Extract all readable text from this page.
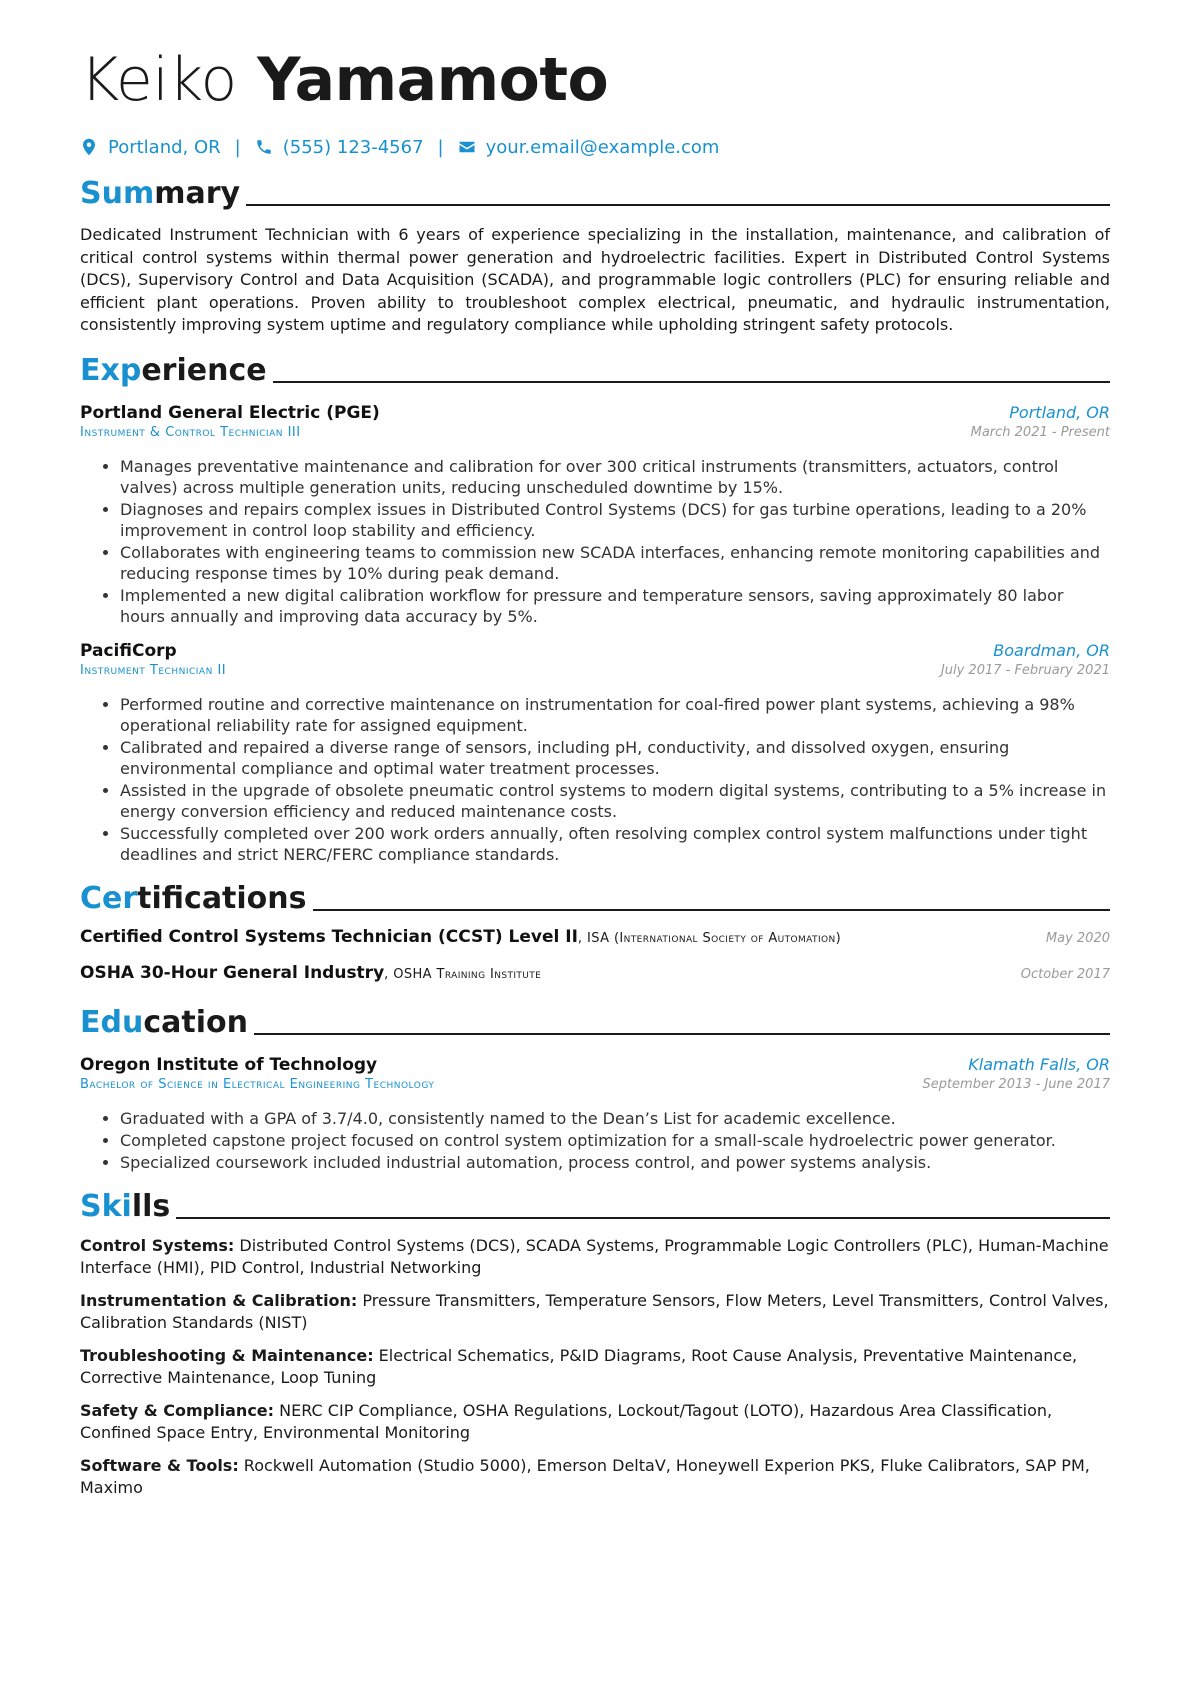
Keiko Yamamoto
Portland, OR | (555) 123-4567 | your.email@example.com
Summary
Dedicated Instrument Technician with 6 years of experience specializing in the installation, maintenance, and calibration of critical control systems within thermal power generation and hydroelectric facilities. Expert in Distributed Control Systems (DCS), Supervisory Control and Data Acquisition (SCADA), and programmable logic controllers (PLC) for ensuring reliable and efficient plant operations. Proven ability to troubleshoot complex electrical, pneumatic, and hydraulic instrumentation, consistently improving system uptime and regulatory compliance while upholding stringent safety protocols.
Experience
Portland General Electric (PGE)	Portland, OR
Instrument & Control Technician III	March 2021 - Present
• Manages preventative maintenance and calibration for over 300 critical instruments (transmitters, actuators, control valves) across multiple generation units, reducing unscheduled downtime by 15%.
• Diagnoses and repairs complex issues in Distributed Control Systems (DCS) for gas turbine operations, leading to a 20% improvement in control loop stability and efficiency.
• Collaborates with engineering teams to commission new SCADA interfaces, enhancing remote monitoring capabilities and reducing response times by 10% during peak demand.
• Implemented a new digital calibration workflow for pressure and temperature sensors, saving approximately 80 labor hours annually and improving data accuracy by 5%.
PacifiCorp	Boardman, OR
Instrument Technician II	July 2017 - February 2021
• Performed routine and corrective maintenance on instrumentation for coal-fired power plant systems, achieving a 98% operational reliability rate for assigned equipment.
• Calibrated and repaired a diverse range of sensors, including pH, conductivity, and dissolved oxygen, ensuring environmental compliance and optimal water treatment processes.
• Assisted in the upgrade of obsolete pneumatic control systems to modern digital systems, contributing to a 5% increase in energy conversion efficiency and reduced maintenance costs.
• Successfully completed over 200 work orders annually, often resolving complex control system malfunctions under tight deadlines and strict NERC/FERC compliance standards.
Certifications
Certified Control Systems Technician (CCST) Level II, ISA (International Society of Automation)	May 2020
OSHA 30-Hour General Industry, OSHA Training Institute	October 2017
Education
Oregon Institute of Technology	Klamath Falls, OR
Bachelor of Science in Electrical Engineering Technology	September 2013 - June 2017
• Graduated with a GPA of 3.7/4.0, consistently named to the Dean’s List for academic excellence.
• Completed capstone project focused on control system optimization for a small-scale hydroelectric power generator.
• Specialized coursework included industrial automation, process control, and power systems analysis.
Skills
Control Systems: Distributed Control Systems (DCS), SCADA Systems, Programmable Logic Controllers (PLC), Human-Machine Interface (HMI), PID Control, Industrial Networking
Instrumentation & Calibration: Pressure Transmitters, Temperature Sensors, Flow Meters, Level Transmitters, Control Valves, Calibration Standards (NIST)
Troubleshooting & Maintenance: Electrical Schematics, P&ID Diagrams, Root Cause Analysis, Preventative Maintenance, Corrective Maintenance, Loop Tuning
Safety & Compliance: NERC CIP Compliance, OSHA Regulations, Lockout/Tagout (LOTO), Hazardous Area Classification, Confined Space Entry, Environmental Monitoring
Software & Tools: Rockwell Automation (Studio 5000), Emerson DeltaV, Honeywell Experion PKS, Fluke Calibrators, SAP PM, Maximo
